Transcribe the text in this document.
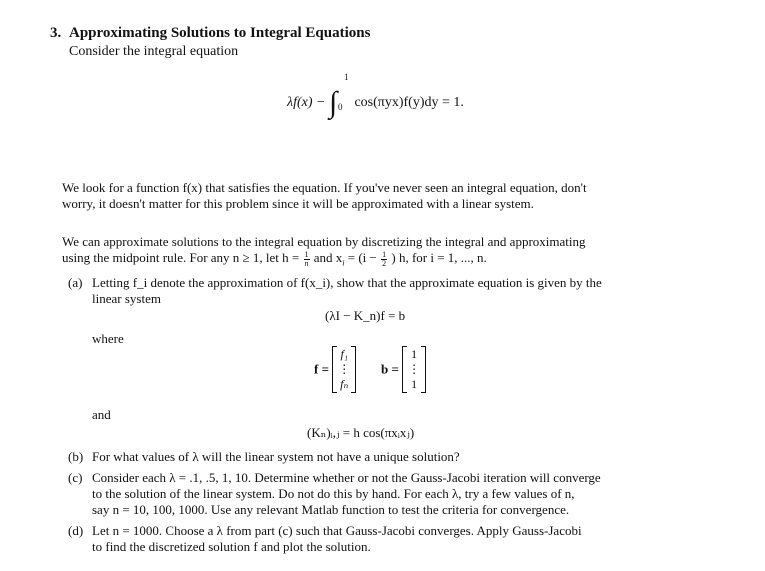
3. Approximating Solutions to Integral Equations
Consider the integral equation
λf(x) − ∫
1
0 cos(πyx)f(y)dy = 1.
We look for a function f(x) that satisfies the equation. If you've never seen an integral equation, don't
worry, it doesn't matter for this problem since it will be approximated with a linear system.
We can approximate solutions to the integral equation by discretizing the integral and approximating
using the midpoint rule. For any n ≥ 1, let $h = \frac{1}{n}$ and $x_i = (i - \frac{1}{2}$ ) h, for i = 1, ..., n.
(a) Letting f_i denote the approximation of f(x_i), show that the approximate equation is given by the
linear system
(λI − K_n)f = b
where
f =
f₁
⋮
fₙ
b =
1
⋮
1
and
(Kₙ)ᵢ,ⱼ = h cos(πxᵢxⱼ)
(b) For what values of λ will the linear system not have a unique solution?
(c) Consider each λ = .1, .5, 1, 10. Determine whether or not the Gauss-Jacobi iteration will converge
to the solution of the linear system. Do not do this by hand. For each λ, try a few values of n,
say n = 10, 100, 1000. Use any relevant Matlab function to test the criteria for convergence.
(d) Let n = 1000. Choose a λ from part (c) such that Gauss-Jacobi converges. Apply Gauss-Jacobi
to find the discretized solution f and plot the solution.
